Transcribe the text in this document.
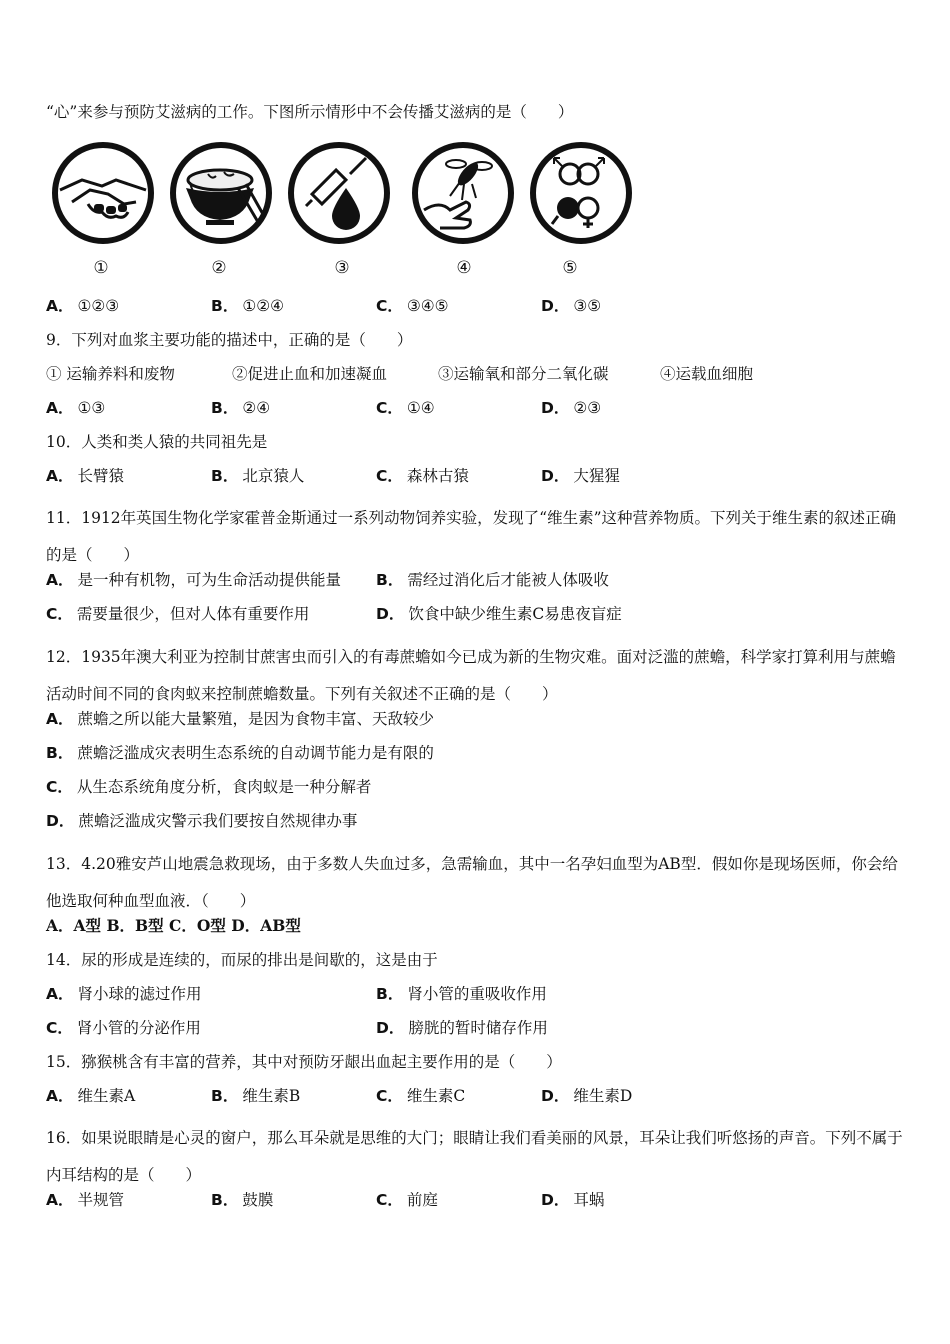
“心”来参与预防艾滋病的工作。下图所示情形中不会传播艾滋病的是（　　）
①	②	③	④	⑤
A． ①②③	B． ①②④	C． ③④⑤	D． ③⑤
9．下列对血浆主要功能的描述中，正确的是（　　）
① 运输养料和废物	②促进止血和加速凝血	③运输氧和部分二氧化碳	④运载血细胞
A． ①③	B． ②④	C． ①④	D． ②③
10．人类和类人猿的共同祖先是
A． 长臂猿	B． 北京猿人	C． 森林古猿	D． 大猩猩
11．1912年英国生物化学家霍普金斯通过一系列动物饲养实验，发现了“维生素”这种营养物质。下列关于维生素的叙述正确的是（　　）
A． 是一种有机物，可为生命活动提供能量 B． 需经过消化后才能被人体吸收
C． 需要量很少，但对人体有重要作用	D． 饮食中缺少维生素C易患夜盲症
12．1935年澳大利亚为控制甘蔗害虫而引入的有毒蔗蟾如今已成为新的生物灾难。面对泛滥的蔗蟾，科学家打算利用与蔗蟾活动时间不同的食肉蚁来控制蔗蟾数量。下列有关叙述不正确的是（　　）
A． 蔗蟾之所以能大量繁殖，是因为食物丰富、天敌较少
B． 蔗蟾泛滥成灾表明生态系统的自动调节能力是有限的
C． 从生态系统角度分析，食肉蚁是一种分解者
D． 蔗蟾泛滥成灾警示我们要按自然规律办事
13．4.20雅安芦山地震急救现场，由于多数人失血过多，急需输血，其中一名孕妇血型为AB型．假如你是现场医师，你会给他选取何种血型血液．（　　）
A．A型 B．B型 C．O型 D．AB型
14．尿的形成是连续的，而尿的排出是间歇的，这是由于
A． 肾小球的滤过作用	B． 肾小管的重吸收作用
C． 肾小管的分泌作用	D． 膀胱的暂时储存作用
15．猕猴桃含有丰富的营养，其中对预防牙龈出血起主要作用的是（　　）
A． 维生素A	B． 维生素B	C． 维生素C	D． 维生素D
16．如果说眼睛是心灵的窗户，那么耳朵就是思维的大门；眼睛让我们看美丽的风景，耳朵让我们听悠扬的声音。下列不属于内耳结构的是（　　）
A． 半规管	B． 鼓膜	C． 前庭	D． 耳蜗
